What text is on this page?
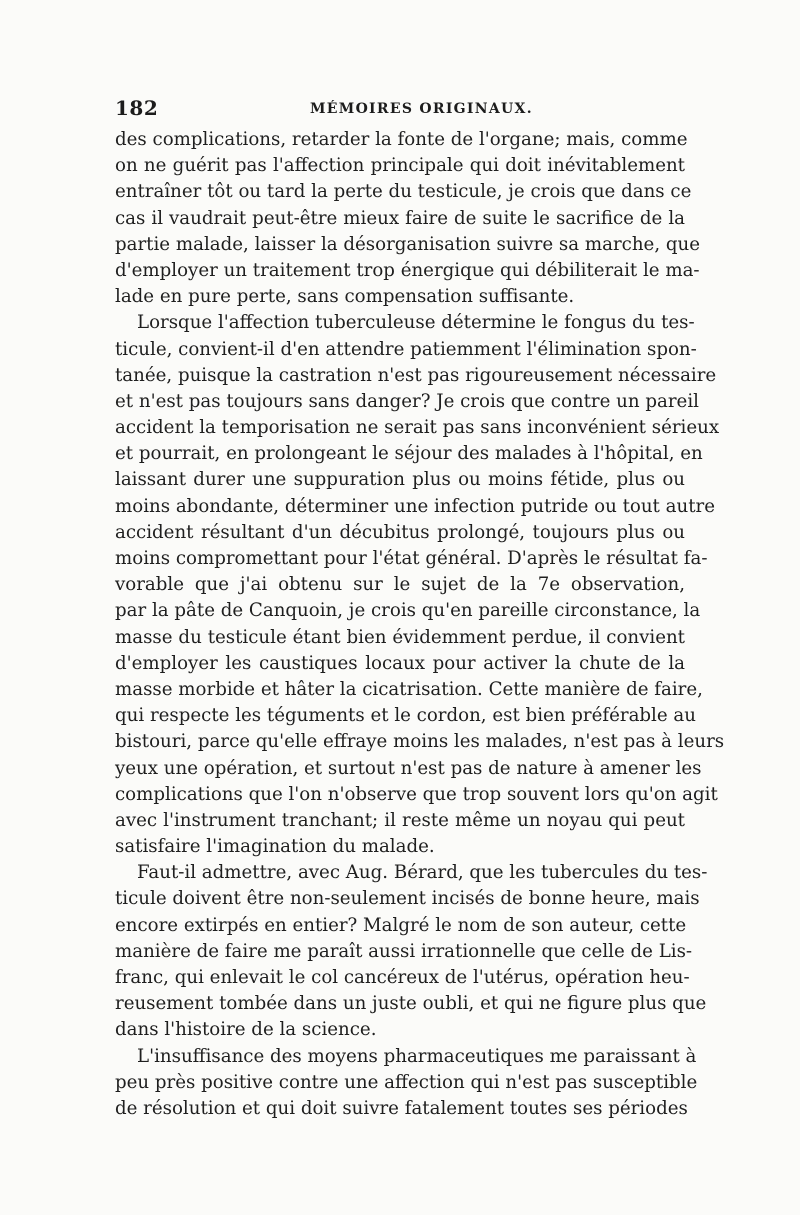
182	MÉMOIRES ORIGINAUX.
des complications, retarder la fonte de l'organe; mais, comme
on ne guérit pas l'affection principale qui doit inévitablement
entraîner tôt ou tard la perte du testicule, je crois que dans ce
cas il vaudrait peut-être mieux faire de suite le sacrifice de la
partie malade, laisser la désorganisation suivre sa marche, que
d'employer un traitement trop énergique qui débiliterait le ma-
lade en pure perte, sans compensation suffisante.
Lorsque l'affection tuberculeuse détermine le fongus du tes-
ticule, convient-il d'en attendre patiemment l'élimination spon-
tanée, puisque la castration n'est pas rigoureusement nécessaire
et n'est pas toujours sans danger? Je crois que contre un pareil
accident la temporisation ne serait pas sans inconvénient sérieux
et pourrait, en prolongeant le séjour des malades à l'hôpital, en
laissant durer une suppuration plus ou moins fétide, plus ou
moins abondante, déterminer une infection putride ou tout autre
accident résultant d'un décubitus prolongé, toujours plus ou
moins compromettant pour l'état général. D'après le résultat fa-
vorable que j'ai obtenu sur le sujet de la 7e observation,
par la pâte de Canquoin, je crois qu'en pareille circonstance, la
masse du testicule étant bien évidemment perdue, il convient
d'employer les caustiques locaux pour activer la chute de la
masse morbide et hâter la cicatrisation. Cette manière de faire,
qui respecte les téguments et le cordon, est bien préférable au
bistouri, parce qu'elle effraye moins les malades, n'est pas à leurs
yeux une opération, et surtout n'est pas de nature à amener les
complications que l'on n'observe que trop souvent lors qu'on agit
avec l'instrument tranchant; il reste même un noyau qui peut
satisfaire l'imagination du malade.
Faut-il admettre, avec Aug. Bérard, que les tubercules du tes-
ticule doivent être non-seulement incisés de bonne heure, mais
encore extirpés en entier? Malgré le nom de son auteur, cette
manière de faire me paraît aussi irrationnelle que celle de Lis-
franc, qui enlevait le col cancéreux de l'utérus, opération heu-
reusement tombée dans un juste oubli, et qui ne figure plus que
dans l'histoire de la science.
L'insuffisance des moyens pharmaceutiques me paraissant à
peu près positive contre une affection qui n'est pas susceptible
de résolution et qui doit suivre fatalement toutes ses périodes
